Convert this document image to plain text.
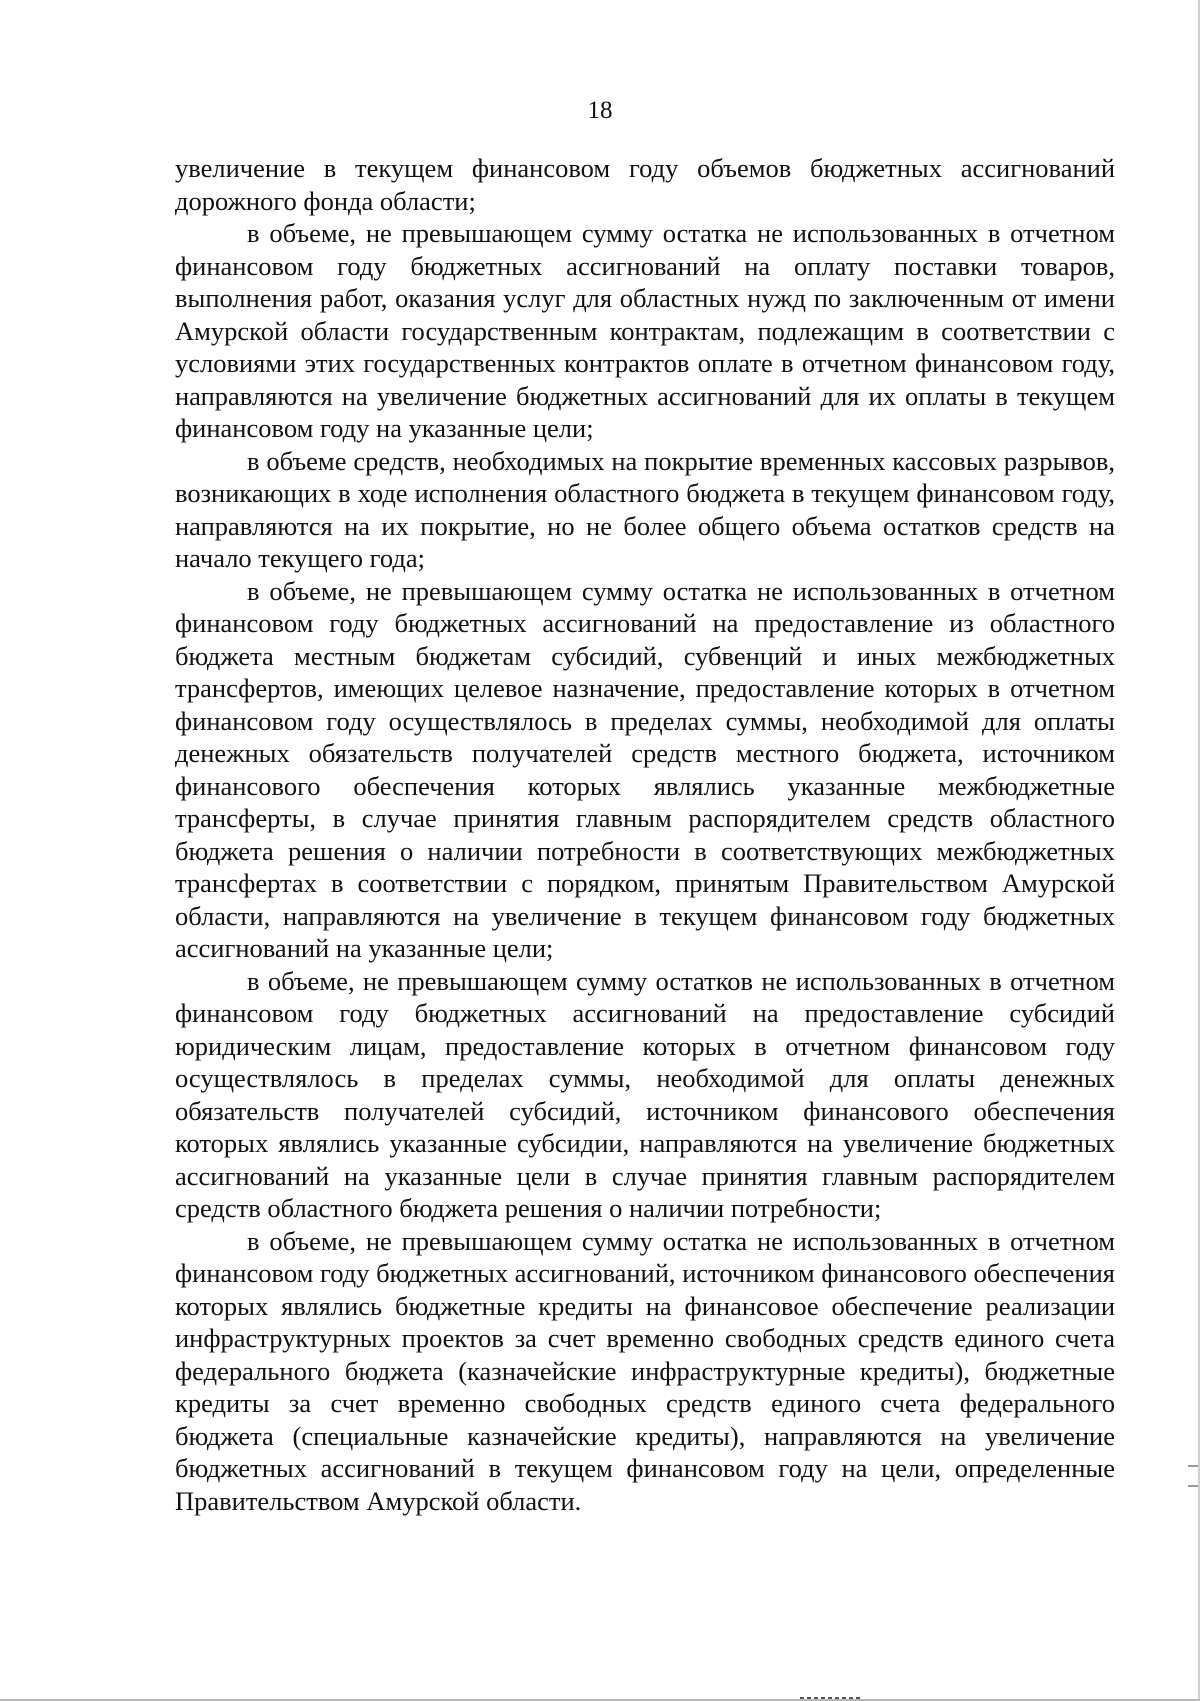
18

увеличение в текущем финансовом году объемов бюджетных ассигнований дорожного фонда области;

в объеме, не превышающем сумму остатка не использованных в отчетном финансовом году бюджетных ассигнований на оплату поставки товаров, выполнения работ, оказания услуг для областных нужд по заключенным от имени Амурской области государственным контрактам, подлежащим в соответствии с условиями этих государственных контрактов оплате в отчетном финансовом году, направляются на увеличение бюджетных ассигнований для их оплаты в текущем финансовом году на указанные цели;

в объеме средств, необходимых на покрытие временных кассовых разрывов, возникающих в ходе исполнения областного бюджета в текущем финансовом году, направляются на их покрытие, но не более общего объема остатков средств на начало текущего года;

в объеме, не превышающем сумму остатка не использованных в отчетном финансовом году бюджетных ассигнований на предоставление из областного бюджета местным бюджетам субсидий, субвенций и иных межбюджетных трансфертов, имеющих целевое назначение, предоставление которых в отчетном финансовом году осуществлялось в пределах суммы, необходимой для оплаты денежных обязательств получателей средств местного бюджета, источником финансового обеспечения которых являлись указанные межбюджетные трансферты, в случае принятия главным распорядителем средств областного бюджета решения о наличии потребности в соответствующих межбюджетных трансфертах в соответствии с порядком, принятым Правительством Амурской области, направляются на увеличение в текущем финансовом году бюджетных ассигнований на указанные цели;

в объеме, не превышающем сумму остатков не использованных в отчетном финансовом году бюджетных ассигнований на предоставление субсидий юридическим лицам, предоставление которых в отчетном финансовом году осуществлялось в пределах суммы, необходимой для оплаты денежных обязательств получателей субсидий, источником финансового обеспечения которых являлись указанные субсидии, направляются на увеличение бюджетных ассигнований на указанные цели в случае принятия главным распорядителем средств областного бюджета решения о наличии потребности;

в объеме, не превышающем сумму остатка не использованных в отчетном финансовом году бюджетных ассигнований, источником финансового обеспечения которых являлись бюджетные кредиты на финансовое обеспечение реализации инфраструктурных проектов за счет временно свободных средств единого счета федерального бюджета (казначейские инфраструктурные кредиты), бюджетные кредиты за счет временно свободных средств единого счета федерального бюджета (специальные казначейские кредиты), направляются на увеличение бюджетных ассигнований в текущем финансовом году на цели, определенные Правительством Амурской области.
